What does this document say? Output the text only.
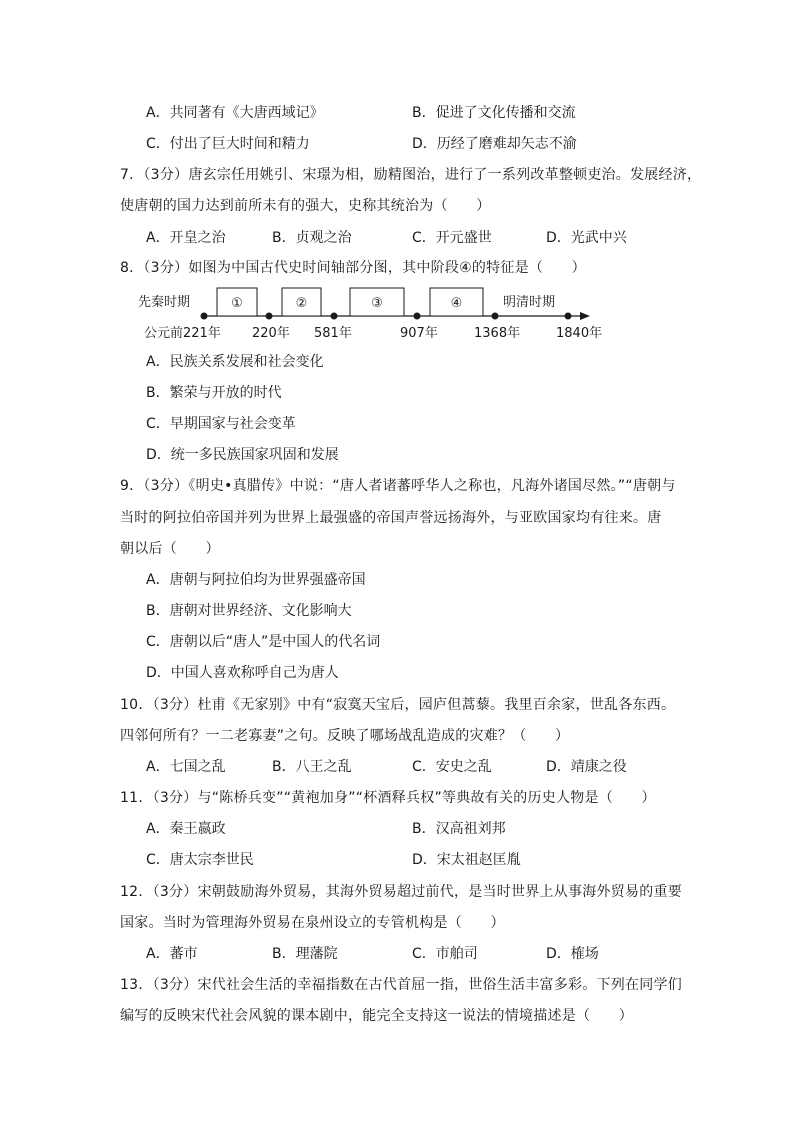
A．共同著有《大唐西域记》	B．促进了文化传播和交流
C．付出了巨大时间和精力	D．历经了磨难却矢志不渝
7．（3分）唐玄宗任用姚引、宋璟为相，励精图治，进行了一系列改革整顿吏治。发展经济，
使唐朝的国力达到前所未有的强大，史称其统治为（　　）
A．开皇之治	B．贞观之治	C．开元盛世	D．光武中兴
8．（3分）如图为中国古代史时间轴部分图，其中阶段④的特征是（　　）
先秦时期	明清时期
①	②	③	④
公元前221年 220年 581年	907年	1368年	1840年
A．民族关系发展和社会变化
B．繁荣与开放的时代
C．早期国家与社会变革
D．统一多民族国家巩固和发展
9．（3分）《明史•真腊传》中说：“唐人者诸蕃呼华人之称也，凡海外诸国尽然。”“唐朝与
当时的阿拉伯帝国并列为世界上最强盛的帝国声誉远扬海外，与亚欧国家均有往来。唐
朝以后（　　）
A．唐朝与阿拉伯均为世界强盛帝国
B．唐朝对世界经济、文化影响大
C．唐朝以后“唐人”是中国人的代名词
D．中国人喜欢称呼自己为唐人
10．（3分）杜甫《无家别》中有“寂寞天宝后，园庐但蒿藜。我里百余家，世乱各东西。
四邻何所有？一二老寡妻”之句。反映了哪场战乱造成的灾难？（　　）
A．七国之乱	B．八王之乱	C．安史之乱	D．靖康之役
11．（3分）与“陈桥兵变”“黄袍加身”“杯酒释兵权”等典故有关的历史人物是（　　）
A．秦王嬴政	B．汉高祖刘邦
C．唐太宗李世民	D．宋太祖赵匡胤
12．（3分）宋朝鼓励海外贸易，其海外贸易超过前代，是当时世界上从事海外贸易的重要
国家。当时为管理海外贸易在泉州设立的专管机构是（　　）
A．蕃市	B．理藩院	C．市舶司	D．榷场
13．（3分）宋代社会生活的幸福指数在古代首屈一指，世俗生活丰富多彩。下列在同学们
编写的反映宋代社会风貌的课本剧中，能完全支持这一说法的情境描述是（　　）
